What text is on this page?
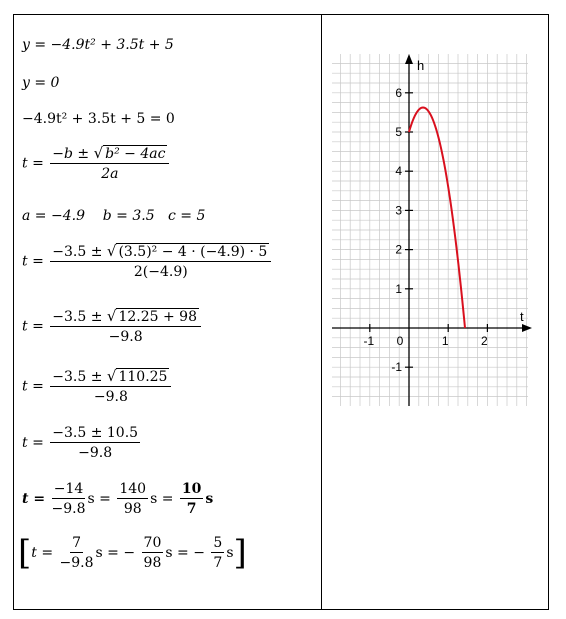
y = −4.9t² + 3.5t + 5
y = 0
−4.9t² + 3.5t + 5 = 0
$t = \frac{\text{−b ± √ b² − 4ac}}{2a}$
a = −4.9    b = 3.5   c = 5
$t = \frac{\text{−3.5 ± √ (3.5)² − 4 · (−4.9) · 5}}{2(-4.9)}$
$t = \frac{-3.5 \pm √ 12.25 + 98}{-9.8}$
$t = \frac{-3.5 \pm √ 110.25}{-9.8}$
$t = \frac{-3.5 \pm 10.5}{-9.8}$
$t = \frac{-14}{-9.8}$ $s = \frac{140}{98}$ $s = \frac{10}{7}$ s
[$t = \frac{7}{-9.8}$ s = − $\frac{70}{98}$ s = − $\frac{5}{7} s$]
-1 0	1	2
-1
1
2
3
4
5
6
t
h
